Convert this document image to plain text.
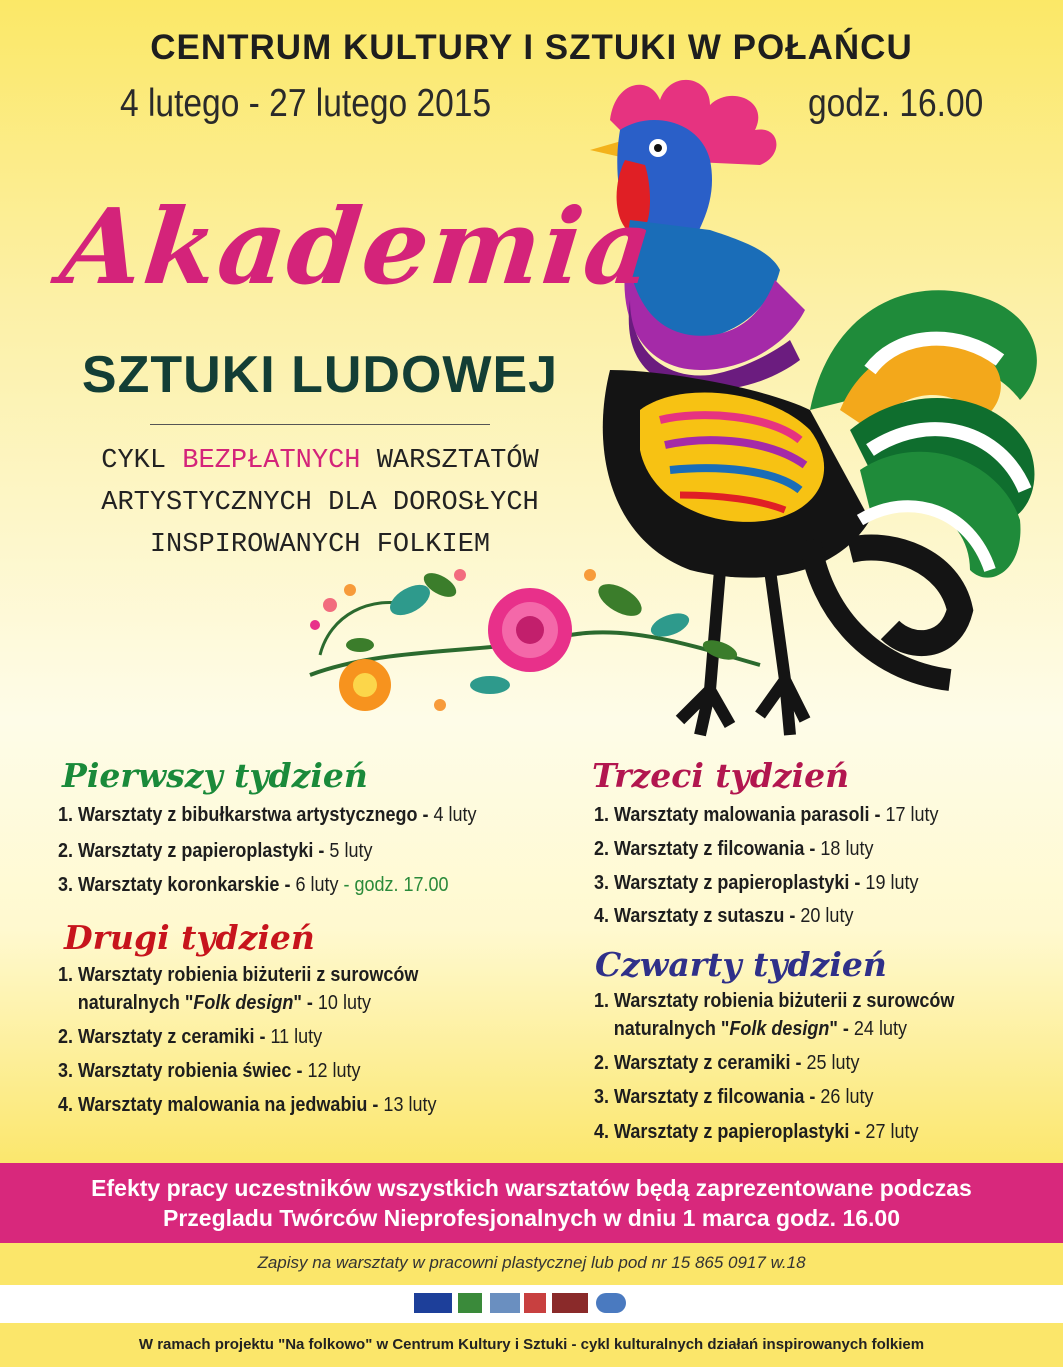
CENTRUM KULTURY I SZTUKI W POŁAŃCU
4 lutego - 27 lutego 2015	godz. 16.00
Akademia
SZTUKI LUDOWEJ
CYKL BEZPŁATNYCH WARSZTATÓW
ARTYSTYCZNYCH DLA DOROSŁYCH
INSPIROWANYCH FOLKIEM
Pierwszy tydzień
1. Warsztaty z bibułkarstwa artystycznego - 4 luty
2. Warsztaty z papieroplastyki - 5 luty
3. Warsztaty koronkarskie - 6 luty - godz. 17.00
Drugi tydzień
1. Warsztaty robienia biżuterii z surowców
naturalnych "Folk design" - 10 luty
2. Warsztaty z ceramiki - 11 luty
3. Warsztaty robienia świec - 12 luty
4. Warsztaty malowania na jedwabiu - 13 luty
Trzeci tydzień
1. Warsztaty malowania parasoli - 17 luty
2. Warsztaty z filcowania - 18 luty
3. Warsztaty z papieroplastyki - 19 luty
4. Warsztaty z sutaszu - 20 luty
Czwarty tydzień
1. Warsztaty robienia biżuterii z surowców
naturalnych "Folk design" - 24 luty
2. Warsztaty z ceramiki - 25 luty
3. Warsztaty z filcowania - 26 luty
4. Warsztaty z papieroplastyki - 27 luty
Efekty pracy uczestników wszystkich warsztatów będą zaprezentowane podczas
Przegladu Twórców Nieprofesjonalnych w dniu 1 marca godz. 16.00
Zapisy na warsztaty w pracowni plastycznej lub pod nr 15 865 0917 w.18
W ramach projektu "Na folkowo" w Centrum Kultury i Sztuki - cykl kulturalnych działań inspirowanych folkiem
